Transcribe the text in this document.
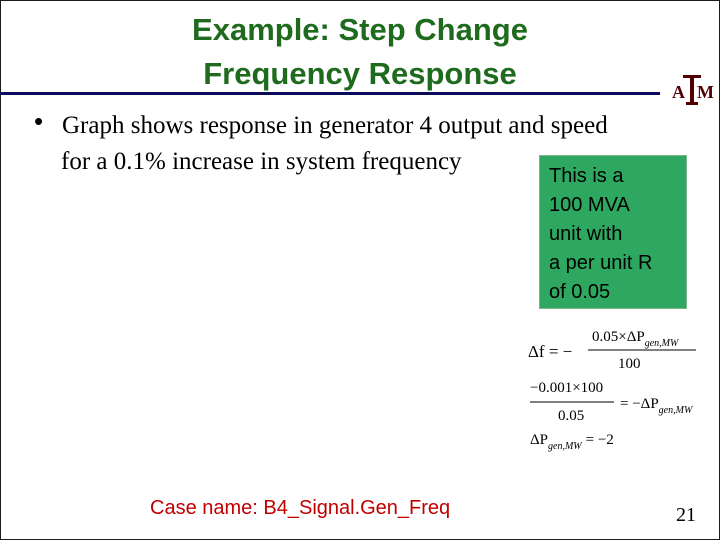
Example: Step Change
Frequency Response
A M
• Graph shows response in generator 4 output and speed
for a 0.1% increase in system frequency
This is a
100 MVA
unit with
a per unit R
of 0.05
Δf = −
$0.05\times\Delta P_{gen,MW}$
100
−0.001×100
0.05
= $-\Delta P_{gen,MW}$
$\Delta P_{gen,MW} = -2$
Case name: B4_Signal.Gen_Freq	21
